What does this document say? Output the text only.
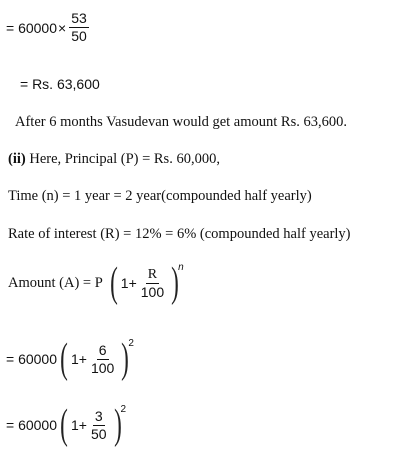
= $60000 \times \frac{53}{50}$
= Rs. 63,600
After 6 months Vasudevan would get amount Rs. 63,600.
(ii) Here, Principal (P) = Rs. 60,000,
Time (n) = 1 year = 2 year(compounded half yearly)
Rate of interest (R) = 12% = 6% (compounded half yearly)
Amount (A) = P ( $1+ \frac{R}{100}$ ) n
= 60000 ( $1+ \frac{6}{100}$ ) 2
= 60000 ( $1+ \frac{3}{50}$ ) 2
